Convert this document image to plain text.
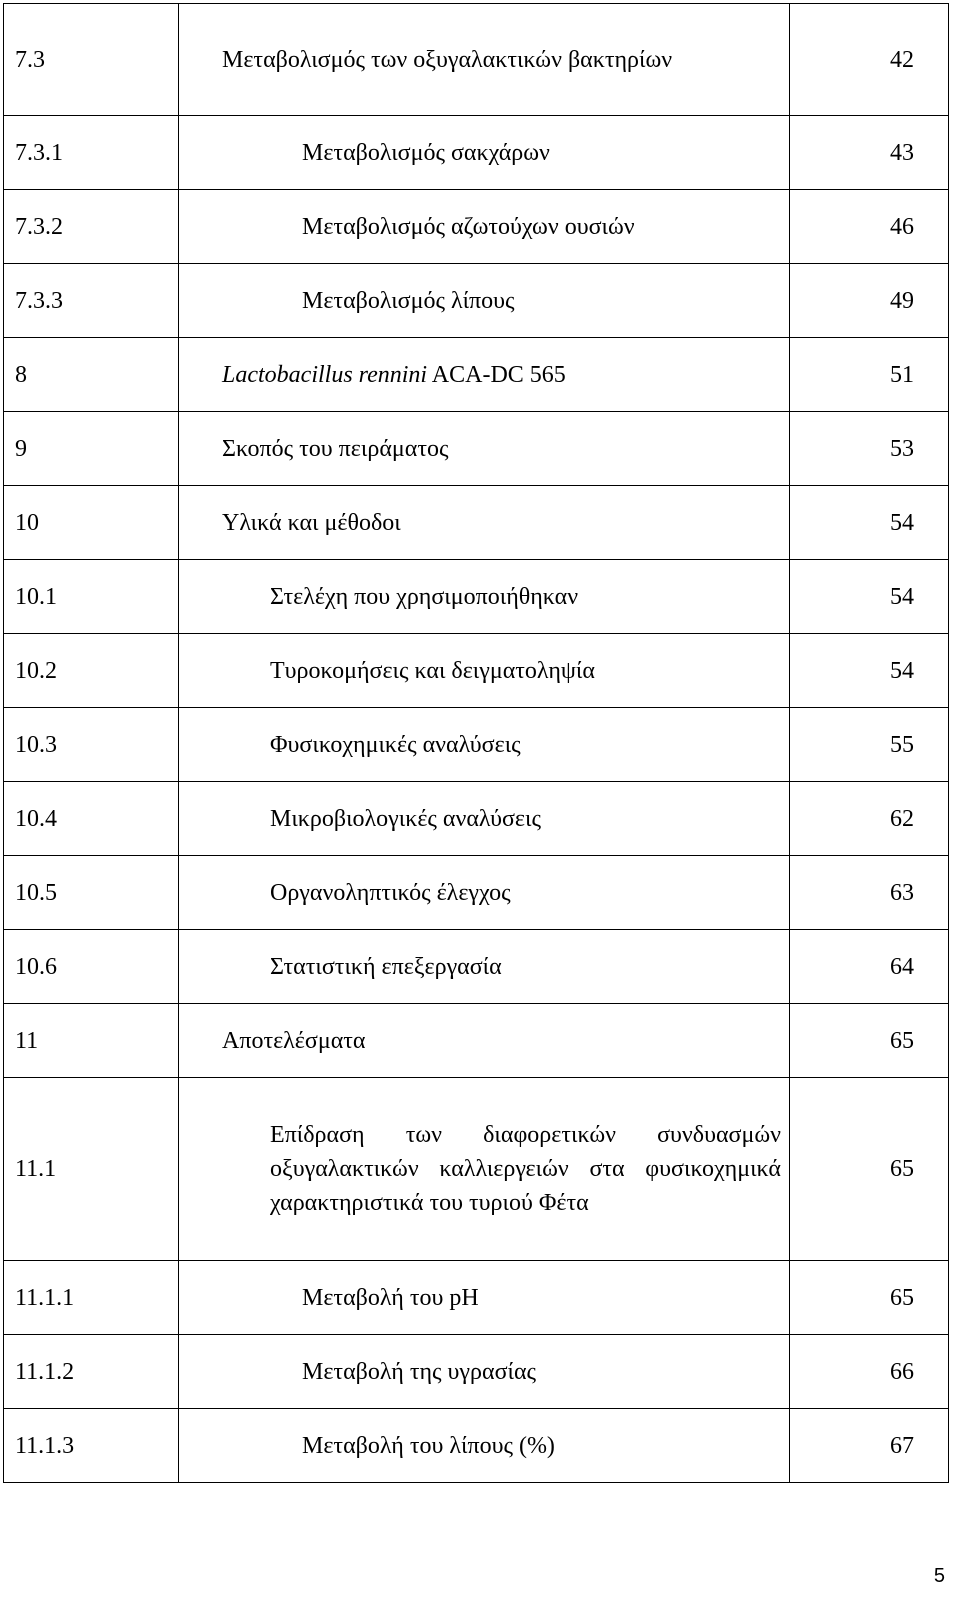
7.3	Μεταβολισμός των οξυγαλακτικών βακτηρίων	42
7.3.1	Μεταβολισμός σακχάρων	43
7.3.2	Μεταβολισμός αζωτούχων ουσιών	46
7.3.3	Μεταβολισμός λίπους	49
8	Lactobacillus rennini ACA-DC 565	51
9	Σκοπός του πειράματος	53
10	Υλικά και μέθοδοι	54
10.1	Στελέχη που χρησιμοποιήθηκαν	54
10.2	Τυροκομήσεις και δειγματοληψία	54
10.3	Φυσικοχημικές αναλύσεις	55
10.4	Μικροβιολογικές αναλύσεις	62
10.5	Οργανοληπτικός έλεγχος	63
10.6	Στατιστική επεξεργασία	64
11	Αποτελέσματα	65
11.1	Επίδραση των διαφορετικών συνδυασμών οξυγαλακτικών καλλιεργειών στα φυσικοχημικά χαρακτηριστικά του τυριού Φέτα	65
11.1.1	Μεταβολή του pH	65
11.1.2	Μεταβολή της υγρασίας	66
11.1.3	Μεταβολή του λίπους (%)	67
5
